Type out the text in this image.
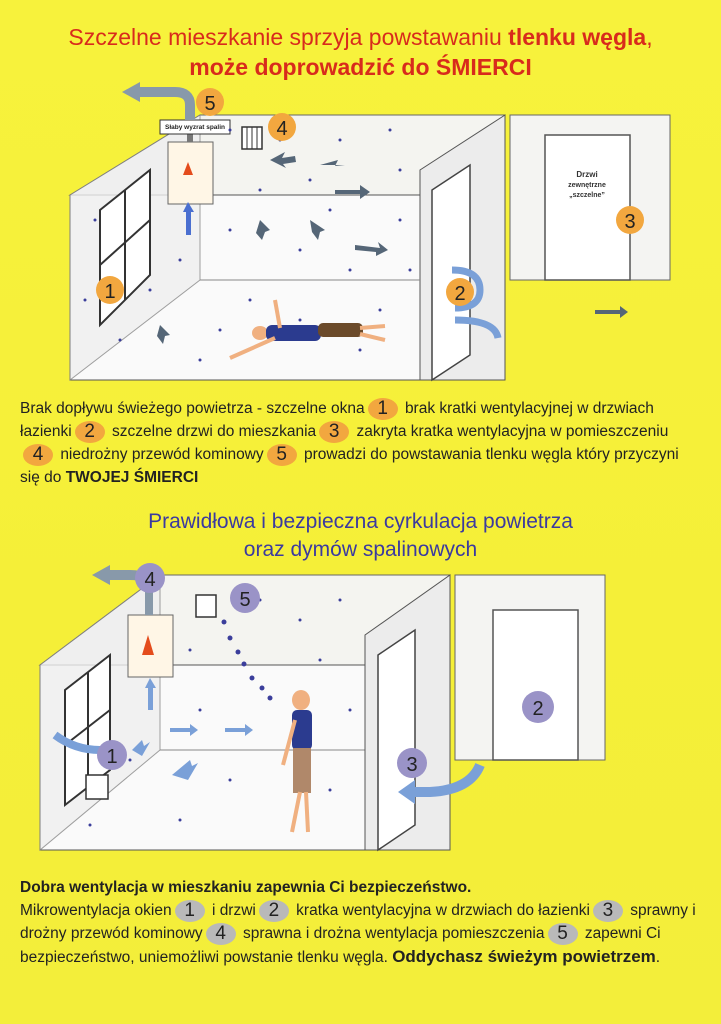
Szczelne mieszkanie sprzyja powstawaniu tlenku węgla,
może doprowadzić do ŚMIERCI
Drzwi
zewnętrzne
„szczelne”
Słaby wyzrat spalin
1	2
3
4
5
Brak dopływu świeżego powietrza - szczelne okna 1 brak kratki wentylacyjnej w drzwiach łazienki 2 szczelne drzwi do mieszkania 3 zakryta kratka wentylacyjna w pomieszczeniu4 niedrożny przewód kominowy 5 prowadzi do powstawania tlenku węgla który przyczyni się do TWOJEJ ŚMIERCI
Prawidłowa i bezpieczna cyrkulacja powietrza
oraz dymów spalinowych
1
2
3
4
5
Dobra wentylacja w mieszkaniu zapewnia Ci bezpieczeństwo.
Mikrowentylacja okien 1 i drzwi 2 kratka wentylacyjna w drzwiach do łazienki 3 sprawny i drożny przewód kominowy 4 sprawna i drożna wentylacja pomieszczenia 5 zapewni Ci bezpieczeństwo, uniemożliwi powstanie tlenku węgla. Oddychasz świeżym powietrzem.
